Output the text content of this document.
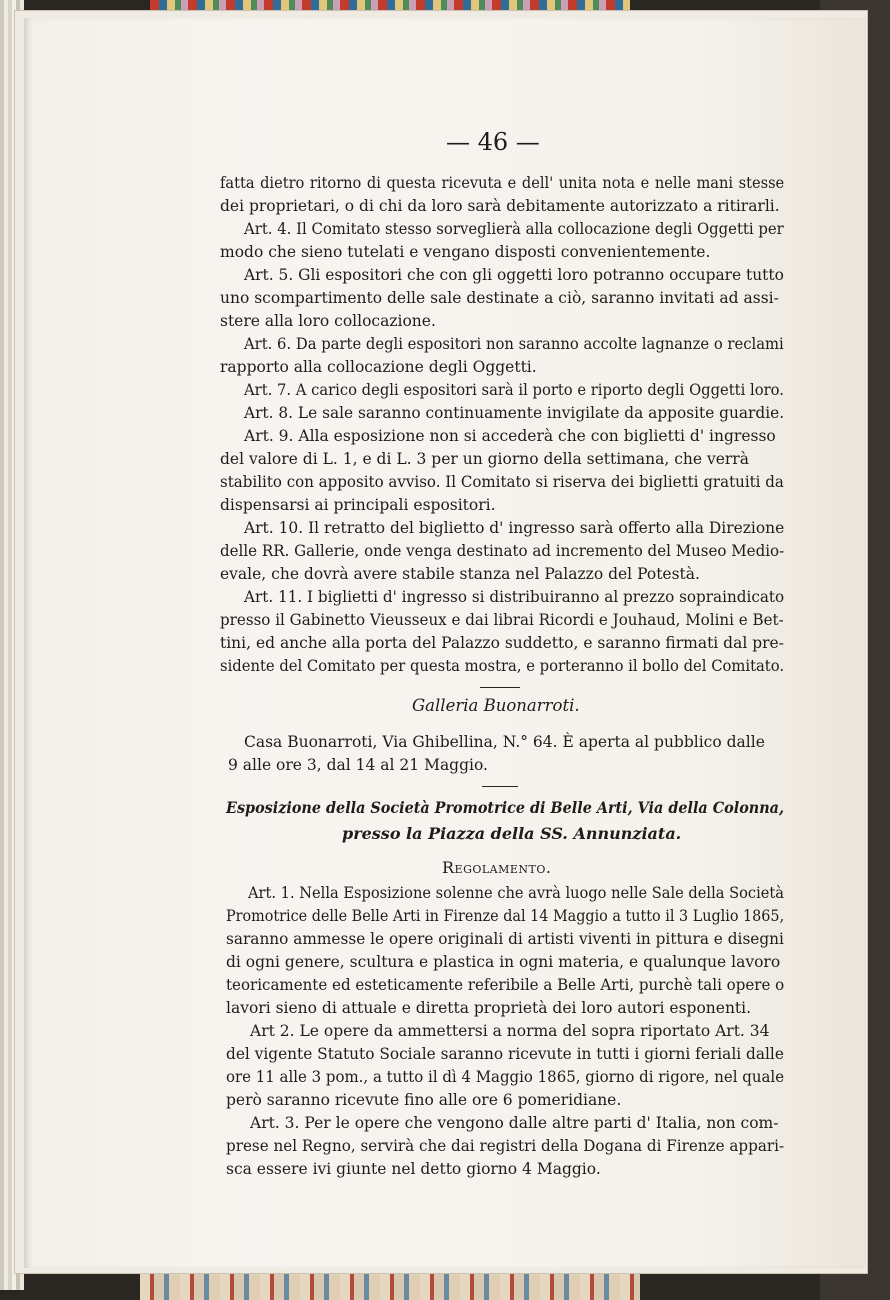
— 46 —
fatta dietro ritorno di questa ricevuta e dell' unita nota e nelle mani stesse
dei proprietari, o di chi da loro sarà debitamente autorizzato a ritirarli.
Art. 4. Il Comitato stesso sorveglierà alla collocazione degli Oggetti per
modo che sieno tutelati e vengano disposti convenientemente.
Art. 5. Gli espositori che con gli oggetti loro potranno occupare tutto
uno scompartimento delle sale destinate a ciò, saranno invitati ad assi-
stere alla loro collocazione.
Art. 6. Da parte degli espositori non saranno accolte lagnanze o reclami
rapporto alla collocazione degli Oggetti.
Art. 7. A carico degli espositori sarà il porto e riporto degli Oggetti loro.
Art. 8. Le sale saranno continuamente invigilate da apposite guardie.
Art. 9. Alla esposizione non si accederà che con biglietti d' ingresso
del valore di L. 1, e di L. 3 per un giorno della settimana, che verrà
stabilito con apposito avviso. Il Comitato si riserva dei biglietti gratuiti da
dispensarsi ai principali espositori.
Art. 10. Il retratto del biglietto d' ingresso sarà offerto alla Direzione
delle RR. Gallerie, onde venga destinato ad incremento del Museo Medio-
evale, che dovrà avere stabile stanza nel Palazzo del Potestà.
Art. 11. I biglietti d' ingresso si distribuiranno al prezzo sopraindicato
presso il Gabinetto Vieusseux e dai librai Ricordi e Jouhaud, Molini e Bet-
tini, ed anche alla porta del Palazzo suddetto, e saranno firmati dal pre-
sidente del Comitato per questa mostra, e porteranno il bollo del Comitato.
Galleria Buonarroti.
Casa Buonarroti, Via Ghibellina, N.° 64. È aperta al pubblico dalle
9 alle ore 3, dal 14 al 21 Maggio.
Esposizione della Società Promotrice di Belle Arti, Via della Colonna,
presso la Piazza della SS. Annunziata.
Regolamento.
Art. 1. Nella Esposizione solenne che avrà luogo nelle Sale della Società
Promotrice delle Belle Arti in Firenze dal 14 Maggio a tutto il 3 Luglio 1865,
saranno ammesse le opere originali di artisti viventi in pittura e disegni
di ogni genere, scultura e plastica in ogni materia, e qualunque lavoro
teoricamente ed esteticamente referibile a Belle Arti, purchè tali opere o
lavori sieno di attuale e diretta proprietà dei loro autori esponenti.
Art 2. Le opere da ammettersi a norma del sopra riportato Art. 34
del vigente Statuto Sociale saranno ricevute in tutti i giorni feriali dalle
ore 11 alle 3 pom., a tutto il dì 4 Maggio 1865, giorno di rigore, nel quale
però saranno ricevute fino alle ore 6 pomeridiane.
Art. 3. Per le opere che vengono dalle altre parti d' Italia, non com-
prese nel Regno, servirà che dai registri della Dogana di Firenze appari-
sca essere ivi giunte nel detto giorno 4 Maggio.
